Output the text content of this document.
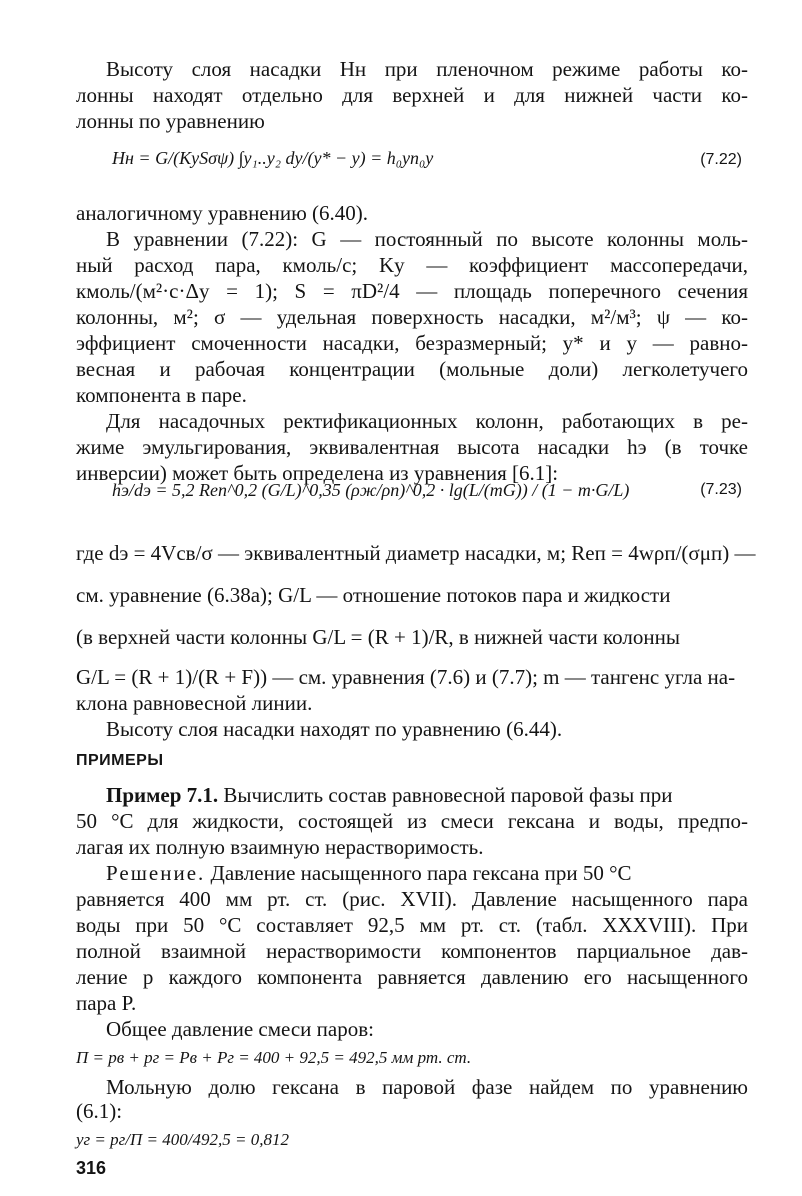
Высоту слоя насадки Hн при пленочном режиме работы ко-
лонны находят отдельно для верхней и для нижней части ко-
лонны по уравнению
Hн = G/(KySσψ) ∫y₁..y₂ dy/(y* − y) = h₀yn₀y	(7.22)
аналогичному уравнению (6.40).
В уравнении (7.22): G — постоянный по высоте колонны моль-
ный расход пара, кмоль/с; Ky — коэффициент массопередачи,
кмоль/(м²·с·Δy = 1); S = πD²/4 — площадь поперечного сечения
колонны, м²; σ — удельная поверхность насадки, м²/м³; ψ — ко-
эффициент смоченности насадки, безразмерный; y* и y — равно-
весная и рабочая концентрации (мольные доли) легколетучего
компонента в паре.
Для насадочных ректификационных колонн, работающих в ре-
жиме эмульгирования, эквивалентная высота насадки hэ (в точке
инверсии) может быть определена из уравнения [6.1]:
hэ/dэ = 5,2 Reп^0,2 (G/L)^0,35 (ρж/ρп)^0,2 · lg(L/(mG)) / (1 − m·G/L)	(7.23)
где dэ = 4Vсв/σ — эквивалентный диаметр насадки, м; Reп = 4wρп/(σμп) —
см. уравнение (6.38а); G/L — отношение потоков пара и жидкости
(в верхней части колонны G/L = (R + 1)/R, в нижней части колонны
G/L = (R + 1)/(R + F)) — см. уравнения (7.6) и (7.7); m — тангенс угла на-
клона равновесной линии.
Высоту слоя насадки находят по уравнению (6.44).
ПРИМЕРЫ
Пример 7.1. Вычислить состав равновесной паровой фазы при
50 °С для жидкости, состоящей из смеси гексана и воды, предпо-
лагая их полную взаимную нерастворимость.
Решение. Давление насыщенного пара гексана при 50 °С
равняется 400 мм рт. ст. (рис. XVII). Давление насыщенного пара
воды при 50 °С составляет 92,5 мм рт. ст. (табл. XXXVIII). При
полной взаимной нерастворимости компонентов парциальное дав-
ление p каждого компонента равняется давлению его насыщенного
пара P.
Общее давление смеси паров:
П = pв + pг = Pв + Pг = 400 + 92,5 = 492,5 мм рт. ст.
Мольную долю гексана в паровой фазе найдем по уравнению
(6.1):
yг = pг/П = 400/492,5 = 0,812
316
